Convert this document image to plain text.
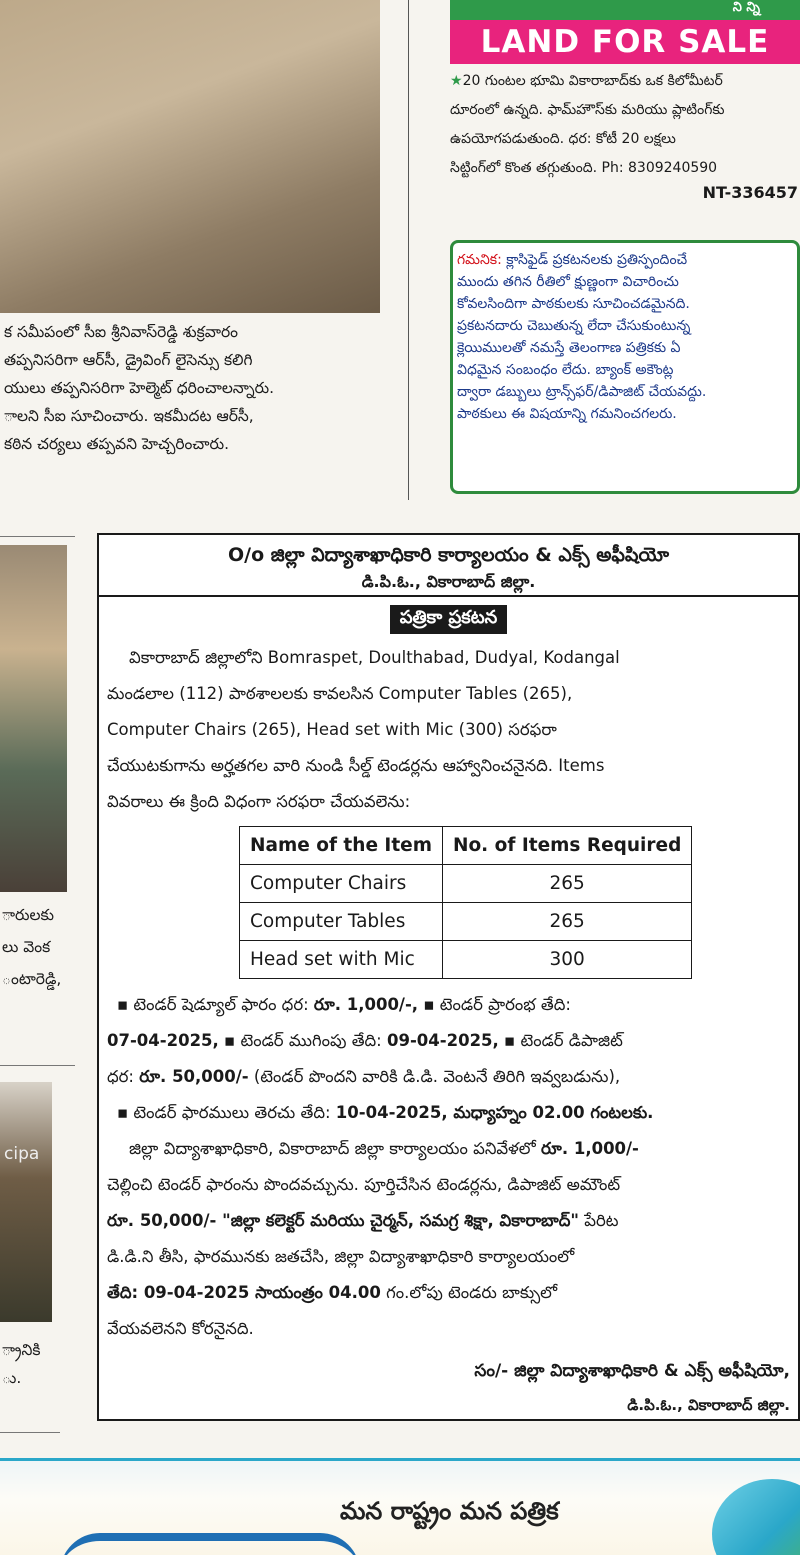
క సమీపంలో సీఐ శ్రీనివాస్‌రెడ్డి శుక్రవారం

తప్పనిసరిగా ఆర్‌సీ, డ్రైవింగ్ లైసెన్సు కలిగి

యులు తప్పనిసరిగా హెల్మెట్ ధరించాలన్నారు.

ాలని సీఐ సూచించారు. ఇకమీదట ఆర్‌సీ,

కఠిన చర్యలు తప్పవని హెచ్చరించారు.

ని న్ని
LAND FOR SALE

★20 గుంటల భూమి వికారాబాద్‌కు ఒక కిలోమీటర్

దూరంలో ఉన్నది. ఫామ్‌హౌస్‌కు మరియు ప్లాటింగ్‌కు

ఉపయోగపడుతుంది. ధర: కోటీ 20 లక్షలు

సిట్టింగ్‌లో కొంత తగ్గుతుంది. Ph: 8309240590

NT-336457

గమనిక: క్లాసిఫైడ్ ప్రకటనలకు ప్రతిస్పందించే

ముందు తగిన రీతిలో క్షుణ్ణంగా విచారించు

కోవలసిందిగా పాఠకులకు సూచించడమైనది.

ప్రకటనదారు చెబుతున్న లేదా చేసుకుంటున్న

క్లెయిములతో నమస్తే తెలంగాణ పత్రికకు ఏ

విధమైన సంబంధం లేదు. బ్యాంక్ అకౌంట్ల

ద్వారా డబ్బులు ట్రాన్స్‌ఫర్/డిపాజిట్ చేయవద్దు.

పాఠకులు ఈ విషయాన్ని గమనించగలరు.

ారులకు

లు వెంక

ంటారెడ్డి,

cipa

్రానికి

ు.

O/o జిల్లా విద్యాశాఖాధికారి కార్యాలయం & ఎక్స్ అఫీషియో
డి.పి.ఓ., వికారాబాద్ జిల్లా.
పత్రికా ప్రకటన

వికారాబాద్ జిల్లాలోని Bomraspet, Doulthabad, Dudyal, Kodangal

మండలాల (112) పాఠశాలలకు కావలసిన Computer Tables (265),

Computer Chairs (265), Head set with Mic (300) సరఫరా

చేయుటకుగాను అర్హతగల వారి నుండి సీల్డ్ టెండర్లను ఆహ్వానించనైనది. Items

వివరాలు ఈ క్రింది విధంగా సరఫరా చేయవలెను:

Name of the Item	No. of Items Required
Computer Chairs	265
Computer Tables	265
Head set with Mic	300

▪ టెండర్ షెడ్యూల్ ఫారం ధర: రూ. 1,000/-, ▪ టెండర్ ప్రారంభ తేది:

07-04-2025, ▪ టెండర్ ముగింపు తేది: 09-04-2025, ▪ టెండర్ డిపాజిట్

ధర: రూ. 50,000/- (టెండర్ పొందని వారికి డి.డి. వెంటనే తిరిగి ఇవ్వబడును),

▪ టెండర్ ఫారములు తెరచు తేది: 10-04-2025, మధ్యాహ్నం 02.00 గంటలకు.

జిల్లా విద్యాశాఖాధికారి, వికారాబాద్ జిల్లా కార్యాలయం పనివేళలో రూ. 1,000/-

చెల్లించి టెండర్ ఫారంను పొందవచ్చును. పూర్తిచేసిన టెండర్లను, డిపాజిట్ అమౌంట్

రూ. 50,000/- "జిల్లా కలెక్టర్ మరియు చైర్మన్, సమగ్ర శిక్షా, వికారాబాద్" పేరిట

డి.డి.ని తీసి, ఫారమునకు జతచేసి, జిల్లా విద్యాశాఖాధికారి కార్యాలయంలో

తేది: 09-04-2025 సాయంత్రం 04.00 గం.లోపు టెండరు బాక్సులో

వేయవలెనని కోరనైనది.

సం/- జిల్లా విద్యాశాఖాధికారి & ఎక్స్ అఫీషియో,
డి.పి.ఓ., వికారాబాద్ జిల్లా.
మన రాష్ట్రం మన పత్రిక
